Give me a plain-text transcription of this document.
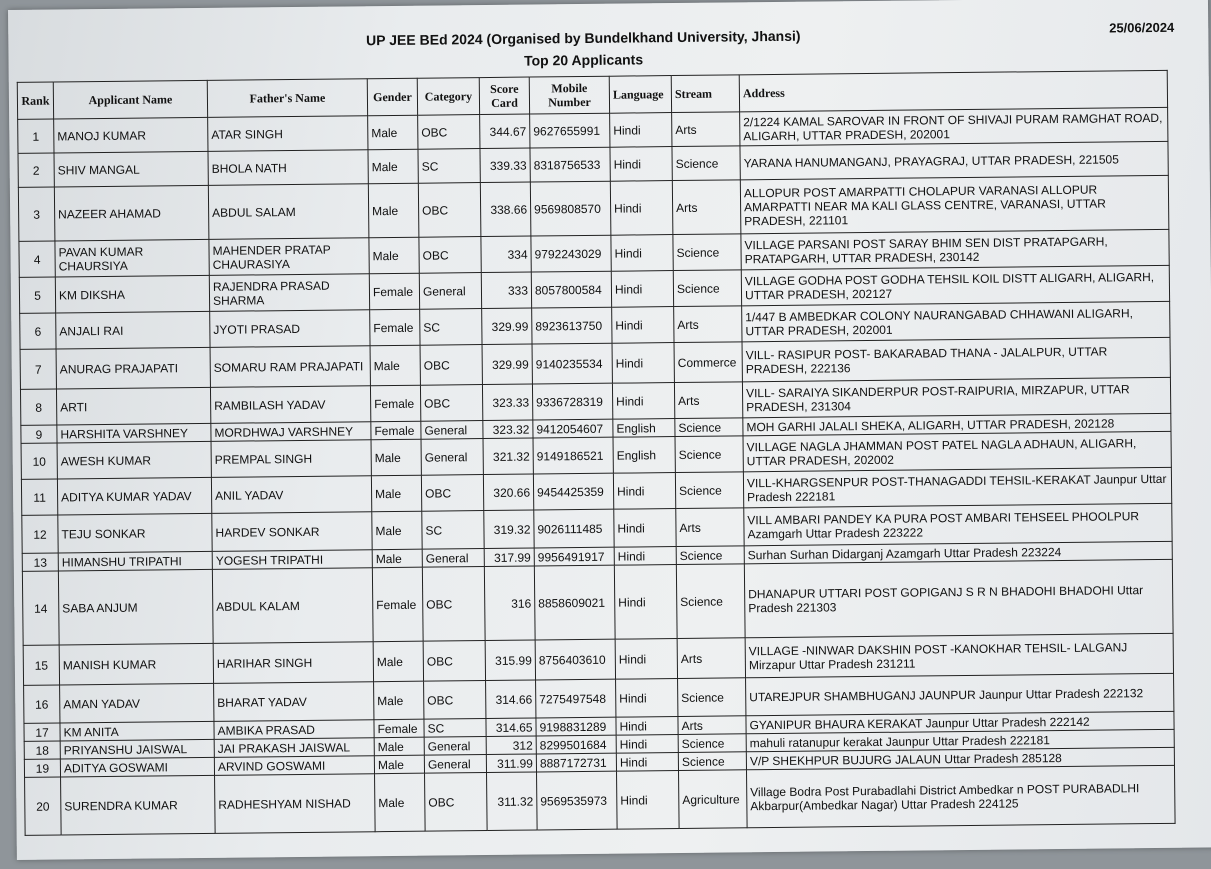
25/06/2024
UP JEE BEd 2024 (Organised by Bundelkhand University, Jhansi)
Top 20 Applicants
Rank	Applicant Name	Father's Name	Gender	Category	Score Card	Mobile Number	Language	Stream	Address
1	MANOJ KUMAR	ATAR SINGH	Male	OBC	344.67	9627655991	Hindi	Arts	2/1224 KAMAL SAROVAR IN FRONT OF SHIVAJI PURAM RAMGHAT ROAD, ALIGARH, UTTAR PRADESH, 202001
2	SHIV MANGAL	BHOLA NATH	Male	SC	339.33	8318756533	Hindi	Science	YARANA HANUMANGANJ, PRAYAGRAJ, UTTAR PRADESH, 221505
3	NAZEER AHAMAD	ABDUL SALAM	Male	OBC	338.66	9569808570	Hindi	Arts	ALLOPUR POST AMARPATTI CHOLAPUR VARANASI ALLOPUR AMARPATTI NEAR MA KALI GLASS CENTRE, VARANASI, UTTAR PRADESH, 221101
4	PAVAN KUMAR CHAURSIYA	MAHENDER PRATAP CHAURASIYA	Male	OBC	334	9792243029	Hindi	Science	VILLAGE PARSANI POST SARAY BHIM SEN DIST PRATAPGARH, PRATAPGARH, UTTAR PRADESH, 230142
5	KM DIKSHA	RAJENDRA PRASAD SHARMA	Female	General	333	8057800584	Hindi	Science	VILLAGE GODHA POST GODHA TEHSIL KOIL DISTT ALIGARH, ALIGARH, UTTAR PRADESH, 202127
6	ANJALI RAI	JYOTI PRASAD	Female	SC	329.99	8923613750	Hindi	Arts	1/447 B AMBEDKAR COLONY NAURANGABAD CHHAWANI ALIGARH, UTTAR PRADESH, 202001
7	ANURAG PRAJAPATI	SOMARU RAM PRAJAPATI	Male	OBC	329.99	9140235534	Hindi	Commerce	VILL- RASIPUR POST- BAKARABAD THANA - JALALPUR, UTTAR PRADESH, 222136
8	ARTI	RAMBILASH YADAV	Female	OBC	323.33	9336728319	Hindi	Arts	VILL- SARAIYA SIKANDERPUR POST-RAIPURIA, MIRZAPUR, UTTAR PRADESH, 231304
9	HARSHITA VARSHNEY	MORDHWAJ VARSHNEY	Female	General	323.32	9412054607	English	Science	MOH GARHI JALALI SHEKA, ALIGARH, UTTAR PRADESH, 202128
10	AWESH KUMAR	PREMPAL SINGH	Male	General	321.32	9149186521	English	Science	VILLAGE NAGLA JHAMMAN POST PATEL NAGLA ADHAUN, ALIGARH, UTTAR PRADESH, 202002
11	ADITYA KUMAR YADAV	ANIL YADAV	Male	OBC	320.66	9454425359	Hindi	Science	VILL-KHARGSENPUR POST-THANAGADDI TEHSIL-KERAKAT Jaunpur Uttar Pradesh 222181
12	TEJU SONKAR	HARDEV SONKAR	Male	SC	319.32	9026111485	Hindi	Arts	VILL AMBARI PANDEY KA PURA POST AMBARI TEHSEEL PHOOLPUR Azamgarh Uttar Pradesh 223222
13	HIMANSHU TRIPATHI	YOGESH TRIPATHI	Male	General	317.99	9956491917	Hindi	Science	Surhan Surhan Didarganj Azamgarh Uttar Pradesh 223224
14	SABA ANJUM	ABDUL KALAM	Female	OBC	316	8858609021	Hindi	Science	DHANAPUR UTTARI POST GOPIGANJ S R N BHADOHI BHADOHI Uttar Pradesh 221303
15	MANISH KUMAR	HARIHAR SINGH	Male	OBC	315.99	8756403610	Hindi	Arts	VILLAGE -NINWAR DAKSHIN POST -KANOKHAR TEHSIL- LALGANJ Mirzapur Uttar Pradesh 231211
16	AMAN YADAV	BHARAT YADAV	Male	OBC	314.66	7275497548	Hindi	Science	UTAREJPUR SHAMBHUGANJ JAUNPUR Jaunpur Uttar Pradesh 222132
17	KM ANITA	AMBIKA PRASAD	Female	SC	314.65	9198831289	Hindi	Arts	GYANIPUR BHAURA KERAKAT Jaunpur Uttar Pradesh 222142
18	PRIYANSHU JAISWAL	JAI PRAKASH JAISWAL	Male	General	312	8299501684	Hindi	Science	mahuli ratanupur kerakat Jaunpur Uttar Pradesh 222181
19	ADITYA GOSWAMI	ARVIND GOSWAMI	Male	General	311.99	8887172731	Hindi	Science	V/P SHEKHPUR BUJURG JALAUN Uttar Pradesh 285128
20	SURENDRA KUMAR	RADHESHYAM NISHAD	Male	OBC	311.32	9569535973	Hindi	Agriculture	Village Bodra Post Purabadlahi District Ambedkar n POST PURABADLHI Akbarpur(Ambedkar Nagar) Uttar Pradesh 224125
